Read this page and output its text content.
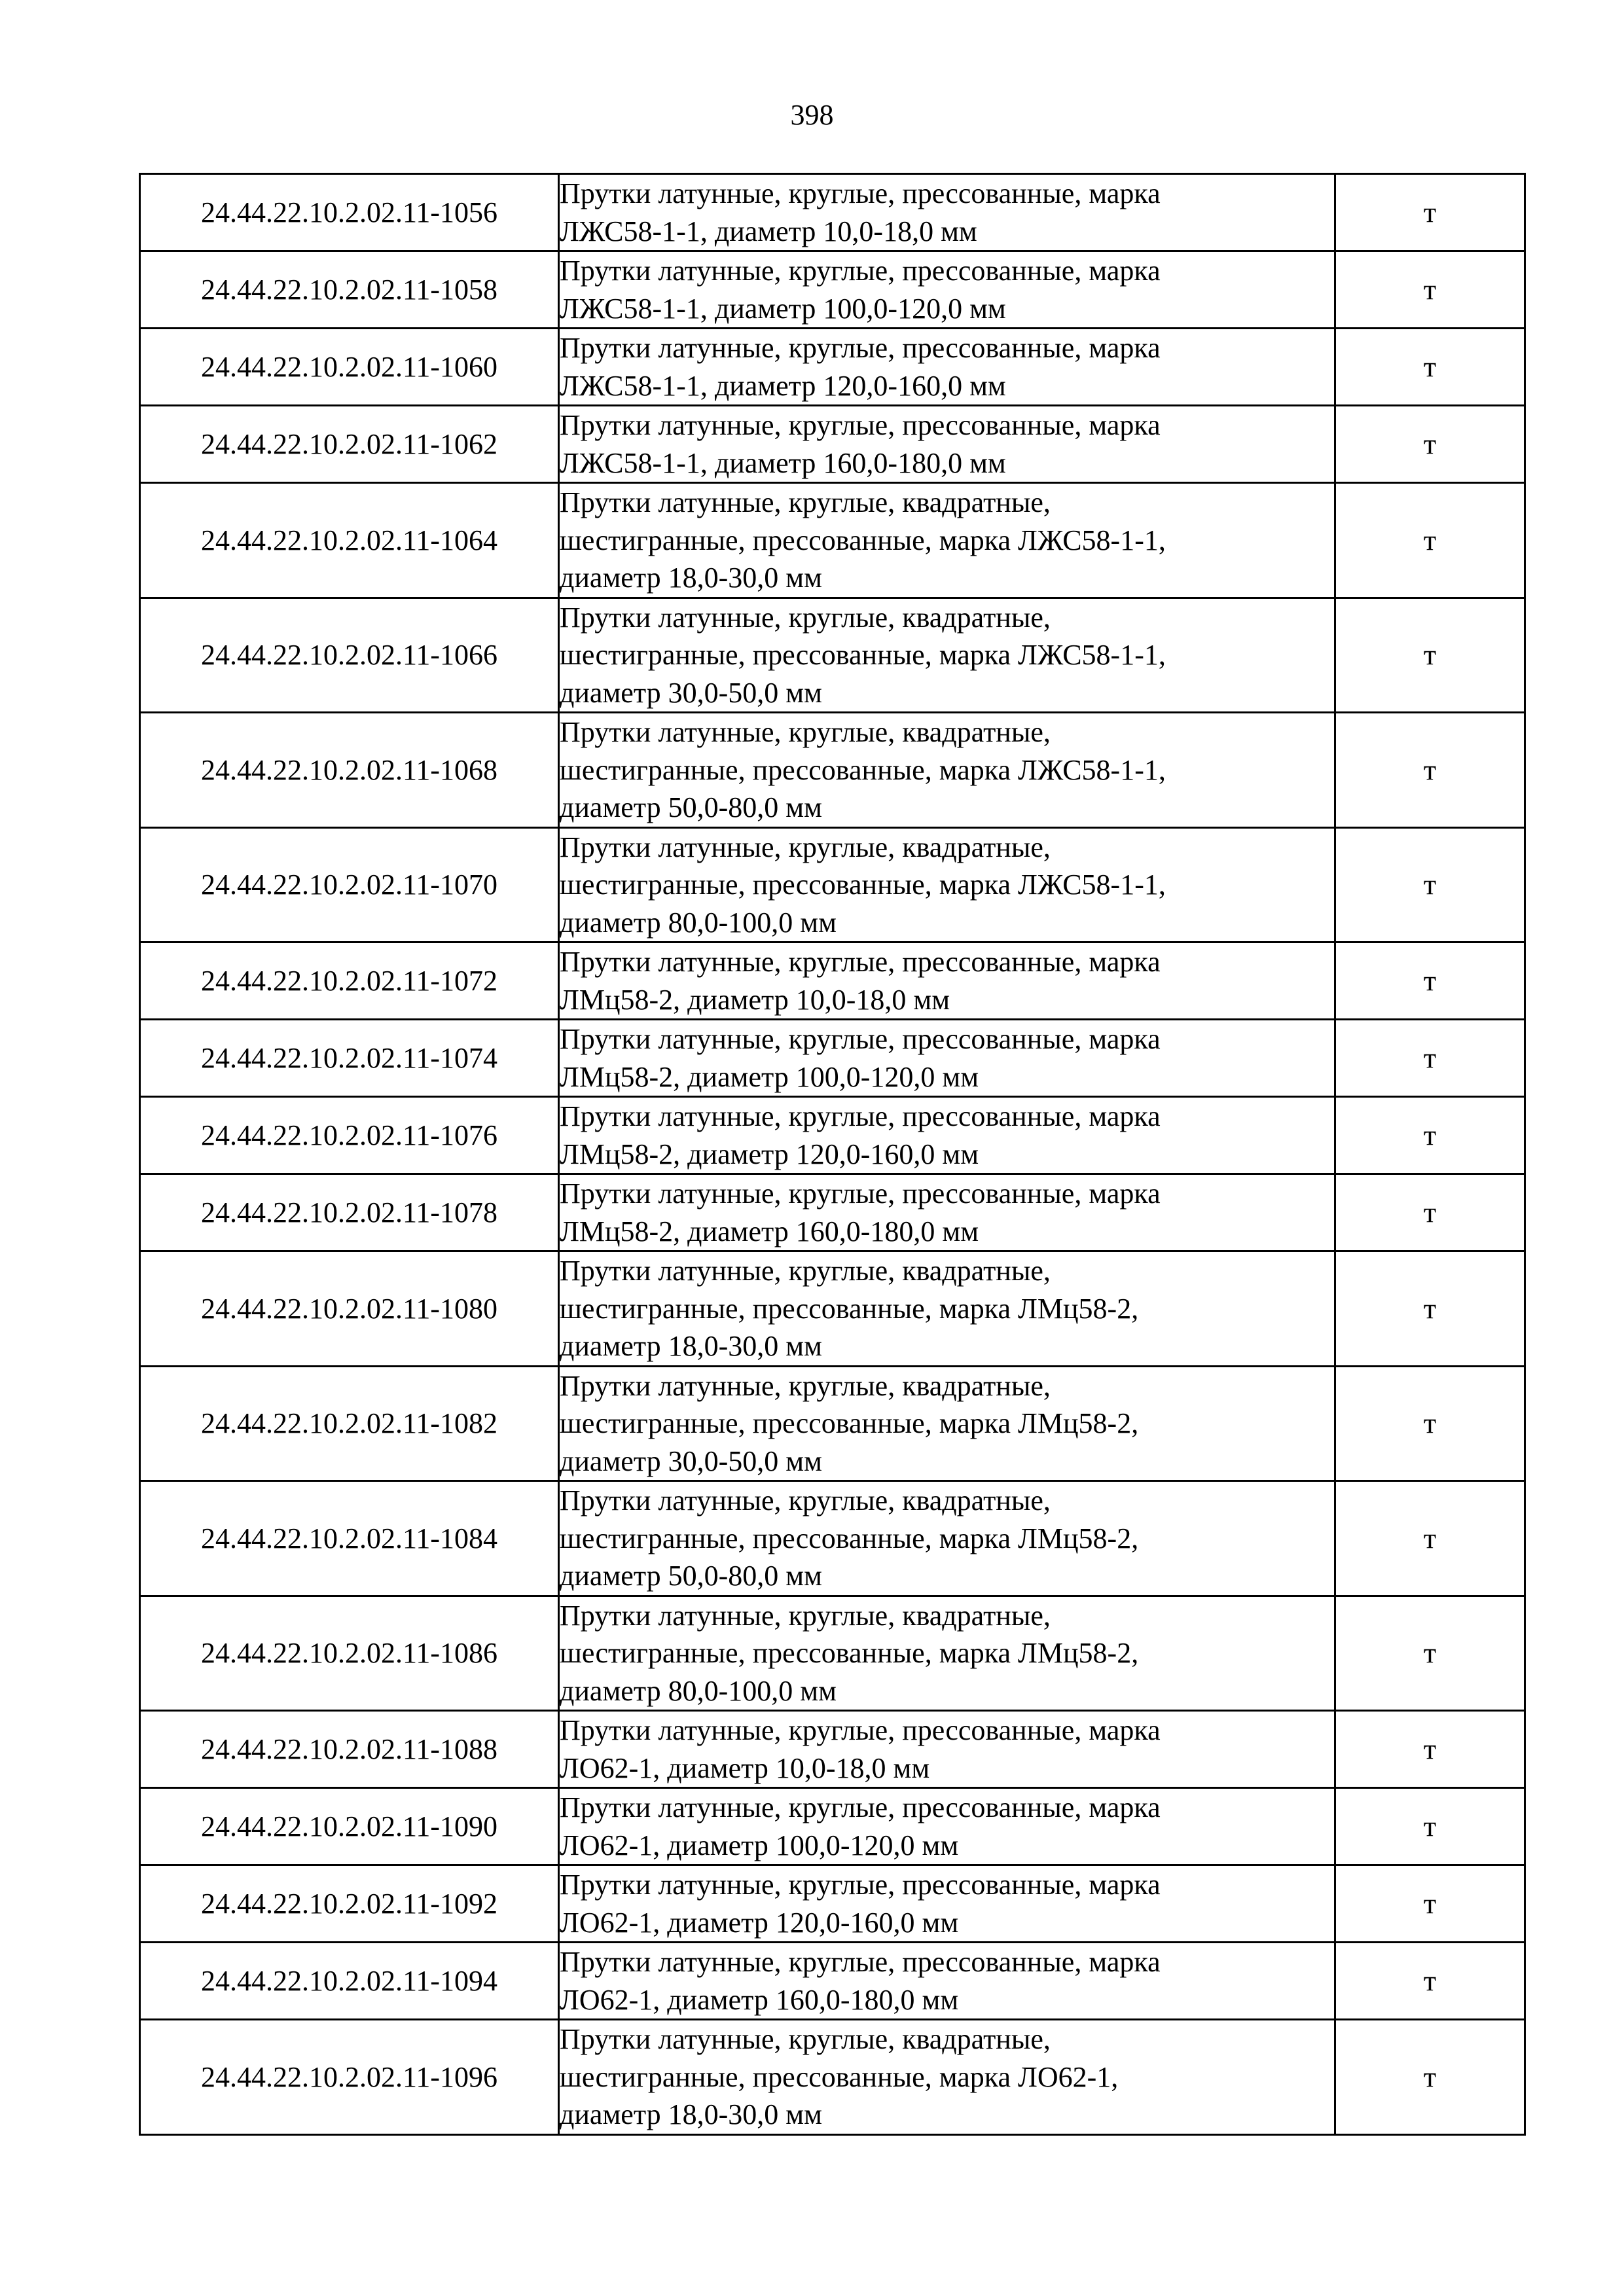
398
24.44.22.10.2.02.11-1056	Прутки латунные, круглые, прессованные, марка
ЛЖС58-1-1, диаметр 10,0-18,0 мм	т
24.44.22.10.2.02.11-1058	Прутки латунные, круглые, прессованные, марка
ЛЖС58-1-1, диаметр 100,0-120,0 мм	т
24.44.22.10.2.02.11-1060	Прутки латунные, круглые, прессованные, марка
ЛЖС58-1-1, диаметр 120,0-160,0 мм	т
24.44.22.10.2.02.11-1062	Прутки латунные, круглые, прессованные, марка
ЛЖС58-1-1, диаметр 160,0-180,0 мм	т
24.44.22.10.2.02.11-1064	Прутки латунные, круглые, квадратные,
шестигранные, прессованные, марка ЛЖС58-1-1,
диаметр 18,0-30,0 мм	т
24.44.22.10.2.02.11-1066	Прутки латунные, круглые, квадратные,
шестигранные, прессованные, марка ЛЖС58-1-1,
диаметр 30,0-50,0 мм	т
24.44.22.10.2.02.11-1068	Прутки латунные, круглые, квадратные,
шестигранные, прессованные, марка ЛЖС58-1-1,
диаметр 50,0-80,0 мм	т
24.44.22.10.2.02.11-1070	Прутки латунные, круглые, квадратные,
шестигранные, прессованные, марка ЛЖС58-1-1,
диаметр 80,0-100,0 мм	т
24.44.22.10.2.02.11-1072	Прутки латунные, круглые, прессованные, марка
ЛМц58-2, диаметр 10,0-18,0 мм	т
24.44.22.10.2.02.11-1074	Прутки латунные, круглые, прессованные, марка
ЛМц58-2, диаметр 100,0-120,0 мм	т
24.44.22.10.2.02.11-1076	Прутки латунные, круглые, прессованные, марка
ЛМц58-2, диаметр 120,0-160,0 мм	т
24.44.22.10.2.02.11-1078	Прутки латунные, круглые, прессованные, марка
ЛМц58-2, диаметр 160,0-180,0 мм	т
24.44.22.10.2.02.11-1080	Прутки латунные, круглые, квадратные,
шестигранные, прессованные, марка ЛМц58-2,
диаметр 18,0-30,0 мм	т
24.44.22.10.2.02.11-1082	Прутки латунные, круглые, квадратные,
шестигранные, прессованные, марка ЛМц58-2,
диаметр 30,0-50,0 мм	т
24.44.22.10.2.02.11-1084	Прутки латунные, круглые, квадратные,
шестигранные, прессованные, марка ЛМц58-2,
диаметр 50,0-80,0 мм	т
24.44.22.10.2.02.11-1086	Прутки латунные, круглые, квадратные,
шестигранные, прессованные, марка ЛМц58-2,
диаметр 80,0-100,0 мм	т
24.44.22.10.2.02.11-1088	Прутки латунные, круглые, прессованные, марка
ЛО62-1, диаметр 10,0-18,0 мм	т
24.44.22.10.2.02.11-1090	Прутки латунные, круглые, прессованные, марка
ЛО62-1, диаметр 100,0-120,0 мм	т
24.44.22.10.2.02.11-1092	Прутки латунные, круглые, прессованные, марка
ЛО62-1, диаметр 120,0-160,0 мм	т
24.44.22.10.2.02.11-1094	Прутки латунные, круглые, прессованные, марка
ЛО62-1, диаметр 160,0-180,0 мм	т
24.44.22.10.2.02.11-1096	Прутки латунные, круглые, квадратные,
шестигранные, прессованные, марка ЛО62-1,
диаметр 18,0-30,0 мм	т
